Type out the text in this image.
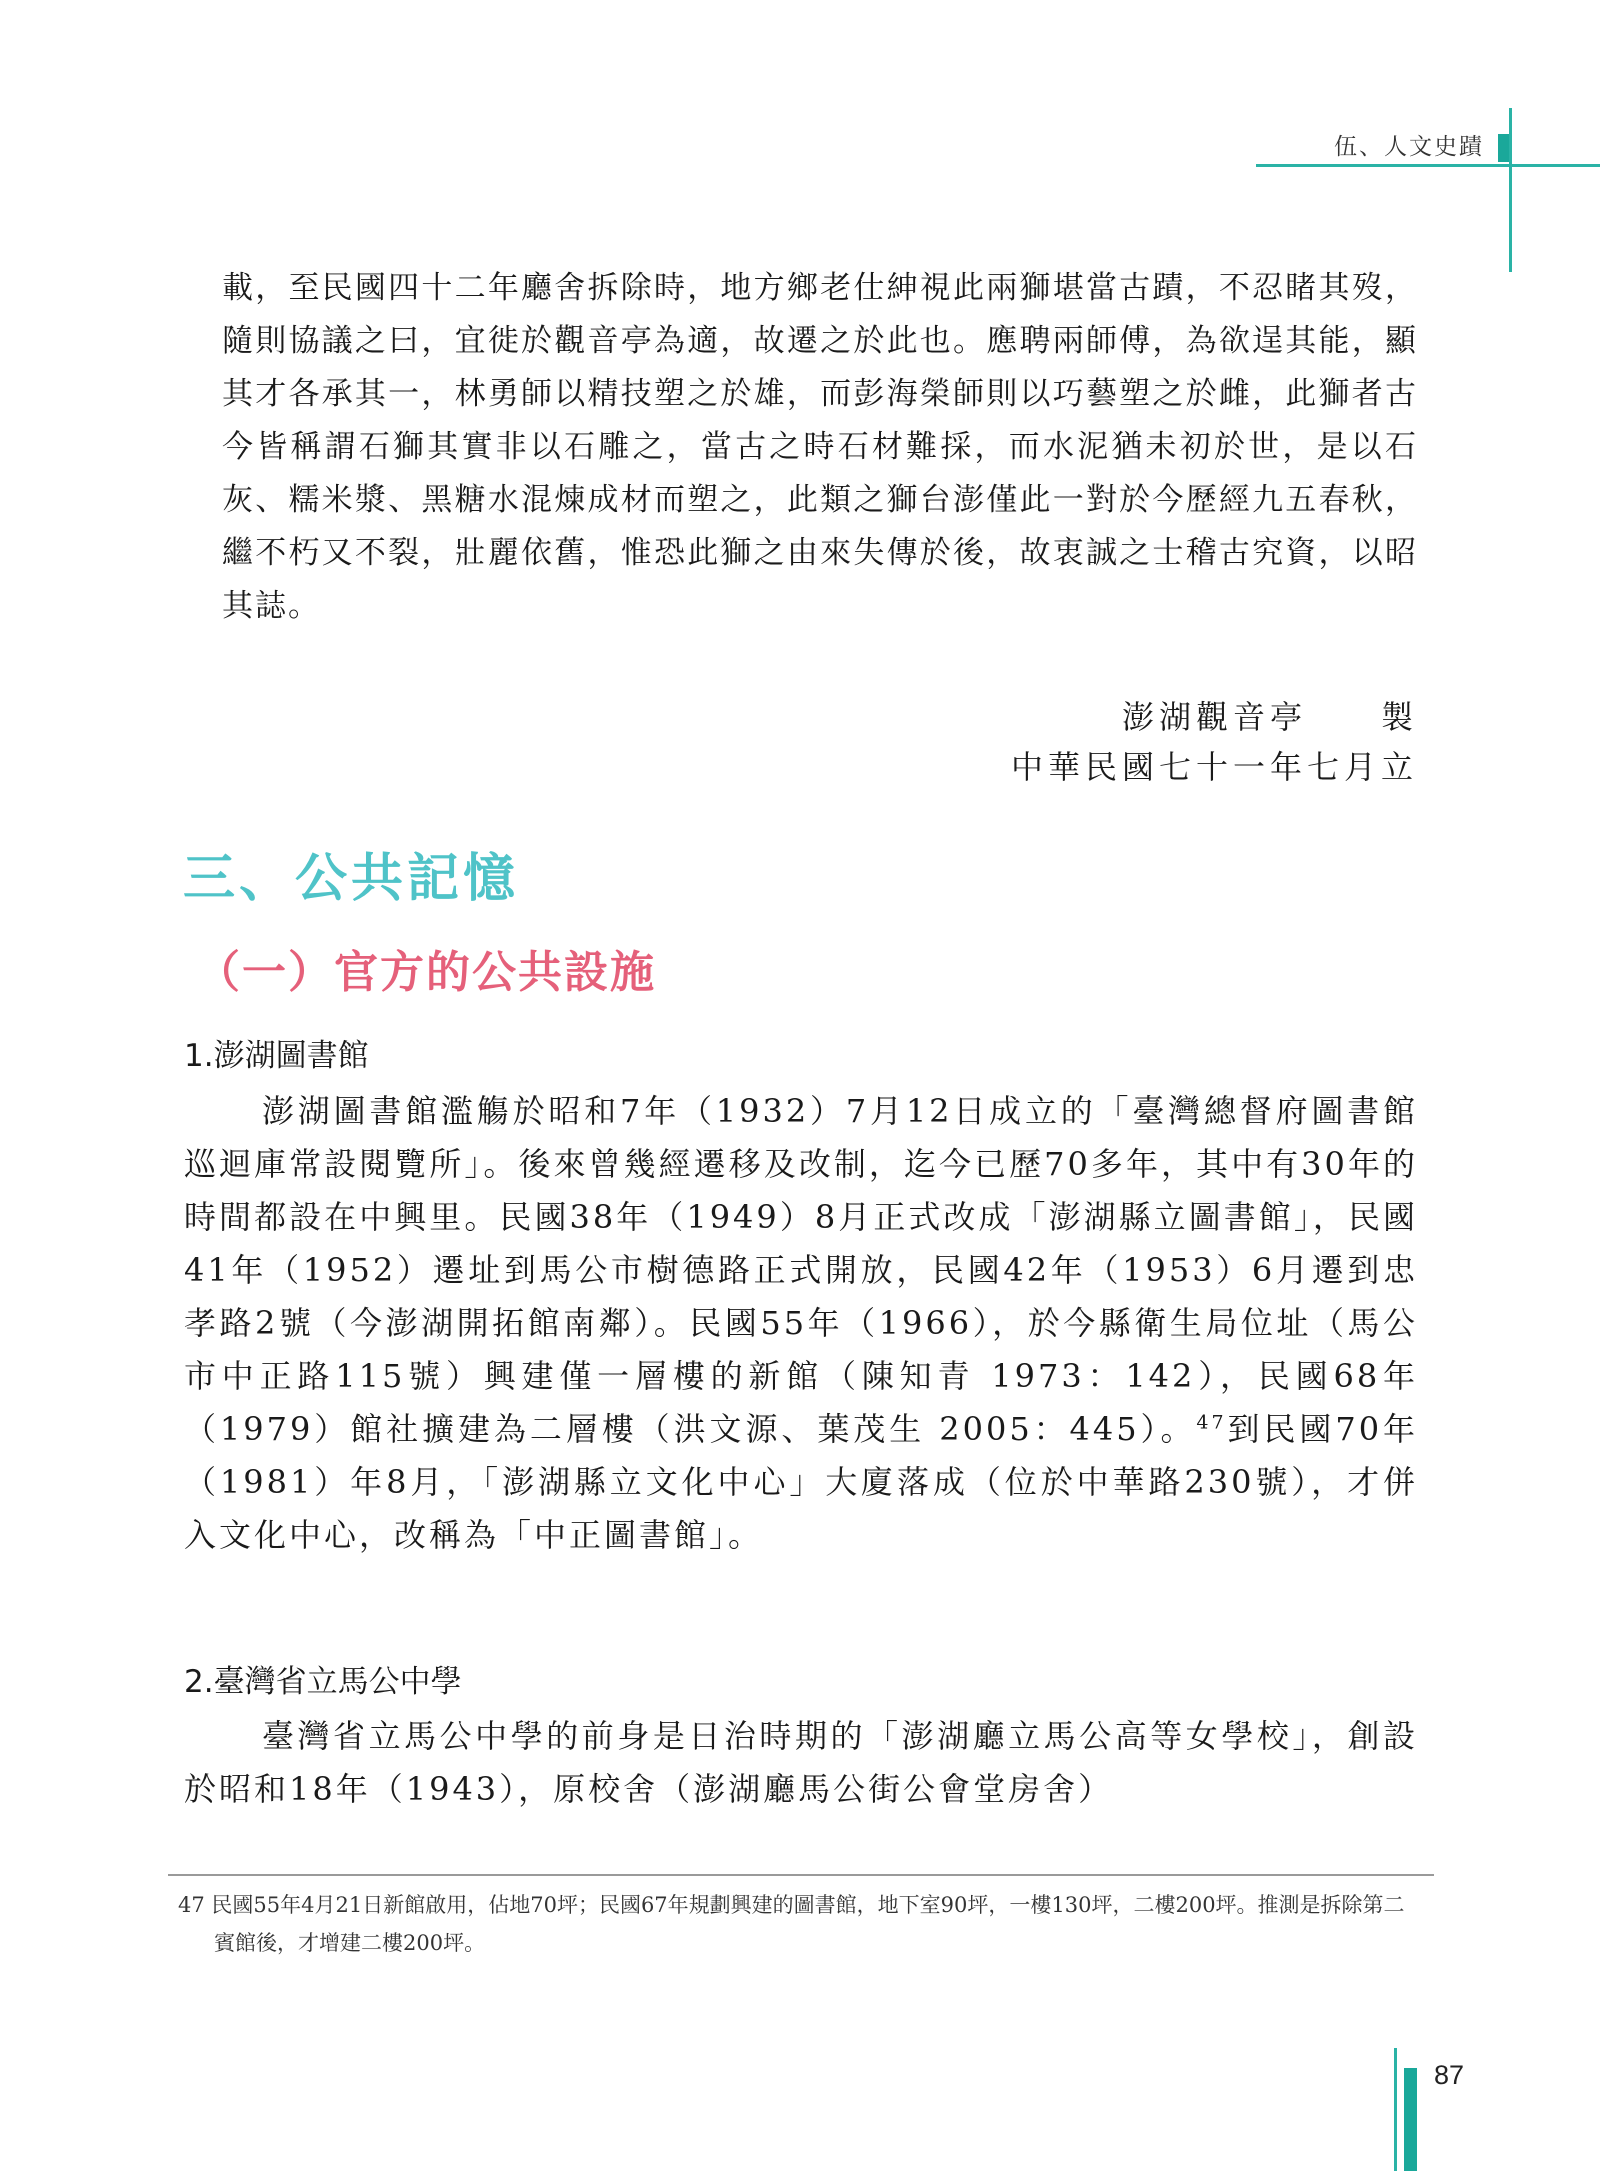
伍、人文史蹟

載，至民國四十二年廳舍拆除時，地方鄉老仕紳視此兩獅堪當古蹟，不忍睹其歿，隨則協議之曰，宜徙於觀音亭為適，故遷之於此也。應聘兩師傅，為欲逞其能，顯其才各承其一，林勇師以精技塑之於雄，而彭海榮師則以巧藝塑之於雌，此獅者古今皆稱謂石獅其實非以石雕之，當古之時石材難採，而水泥猶未初於世，是以石灰、糯米漿、黑糖水混煉成材而塑之，此類之獅台澎僅此一對於今歷經九五春秋，繼不朽又不裂，壯麗依舊，惟恐此獅之由來失傳於後，故衷誠之士稽古究資，以昭其誌。

澎湖觀音亭　　製
中華民國七十一年七月立
三、公共記憶
（一）官方的公共設施
1.澎湖圖書館

澎湖圖書館濫觴於昭和7年（1932）7月12日成立的「臺灣總督府圖書館巡迴庫常設閱覽所」。後來曾幾經遷移及改制，迄今已歷70多年，其中有30年的時間都設在中興里。民國38年（1949）8月正式改成「澎湖縣立圖書館」，民國41年（1952）遷址到馬公市樹德路正式開放，民國42年（1953）6月遷到忠孝路2號（今澎湖開拓館南鄰）。民國55年（1966），於今縣衛生局位址（馬公市中正路115號）興建僅一層樓的新館（陳知青 1973：142），民國68年（1979）館社擴建為二層樓（洪文源、葉茂生 2005：445）。$^{47}$到民國70年（1981）年8月，「澎湖縣立文化中心」大廈落成（位於中華路230號），才併入文化中心，改稱為「中正圖書館」。

2.臺灣省立馬公中學

臺灣省立馬公中學的前身是日治時期的「澎湖廳立馬公高等女學校」，創設於昭和18年（1943），原校舍（澎湖廳馬公街公會堂房舍）

47 民國55年4月21日新館啟用，佔地70坪；民國67年規劃興建的圖書館，地下室90坪，一樓130坪，二樓200坪。推測是拆除第二賓館後，才增建二樓200坪。

87
